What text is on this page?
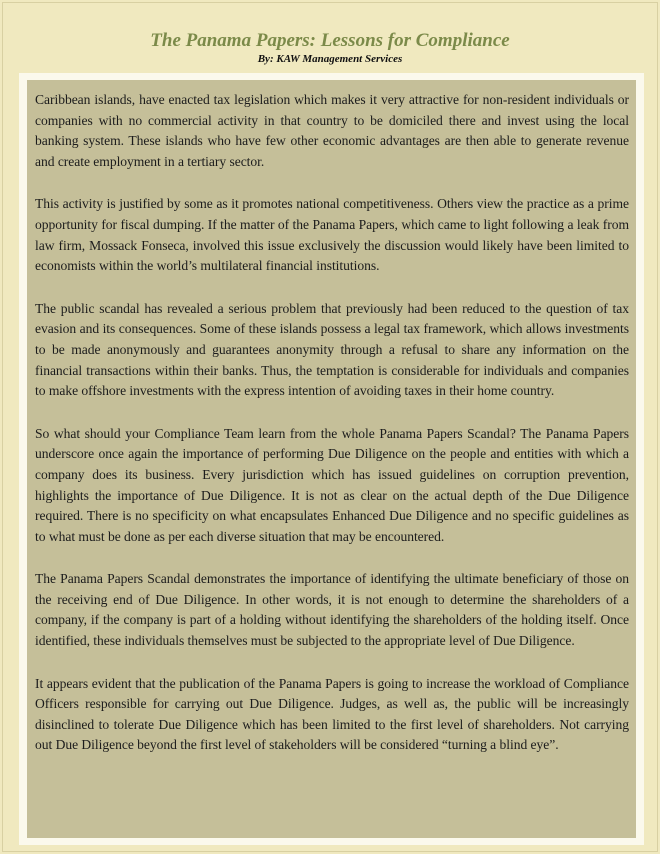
The Panama Papers: Lessons for Compliance

By: KAW Management Services

Caribbean islands, have enacted tax legislation which makes it very attractive for non-resident individuals or companies with no commercial activity in that country to be domiciled there and invest using the local banking system. These islands who have few other economic advantages are then able to generate revenue and create employment in a tertiary sector.

This activity is justified by some as it promotes national competitiveness. Others view the practice as a prime opportunity for fiscal dumping. If the matter of the Panama Papers, which came to light following a leak from law firm, Mossack Fonseca, involved this issue exclusively the discussion would likely have been limited to economists within the world’s multilateral financial institutions.

The public scandal has revealed a serious problem that previously had been reduced to the question of tax evasion and its consequences. Some of these islands possess a legal tax framework, which allows investments to be made anonymously and guarantees anonymity through a refusal to share any information on the financial transactions within their banks. Thus, the temptation is considerable for individuals and companies to make offshore investments with the express intention of avoiding taxes in their home country.

So what should your Compliance Team learn from the whole Panama Papers Scandal? The Panama Papers underscore once again the importance of performing Due Diligence on the people and entities with which a company does its business. Every jurisdiction which has issued guidelines on corruption prevention, highlights the importance of Due Diligence. It is not as clear on the actual depth of the Due Diligence required. There is no specificity on what encapsulates Enhanced Due Diligence and no specific guidelines as to what must be done as per each diverse situation that may be encountered.

The Panama Papers Scandal demonstrates the importance of identifying the ultimate beneficiary of those on the receiving end of Due Diligence. In other words, it is not enough to determine the shareholders of a company, if the company is part of a holding without identifying the shareholders of the holding itself. Once identified, these individuals themselves must be subjected to the appropriate level of Due Diligence.

It appears evident that the publication of the Panama Papers is going to increase the workload of Compliance Officers responsible for carrying out Due Diligence. Judges, as well as, the public will be increasingly disinclined to tolerate Due Diligence which has been limited to the first level of shareholders. Not carrying out Due Diligence beyond the first level of stakeholders will be considered “turning a blind eye”.
